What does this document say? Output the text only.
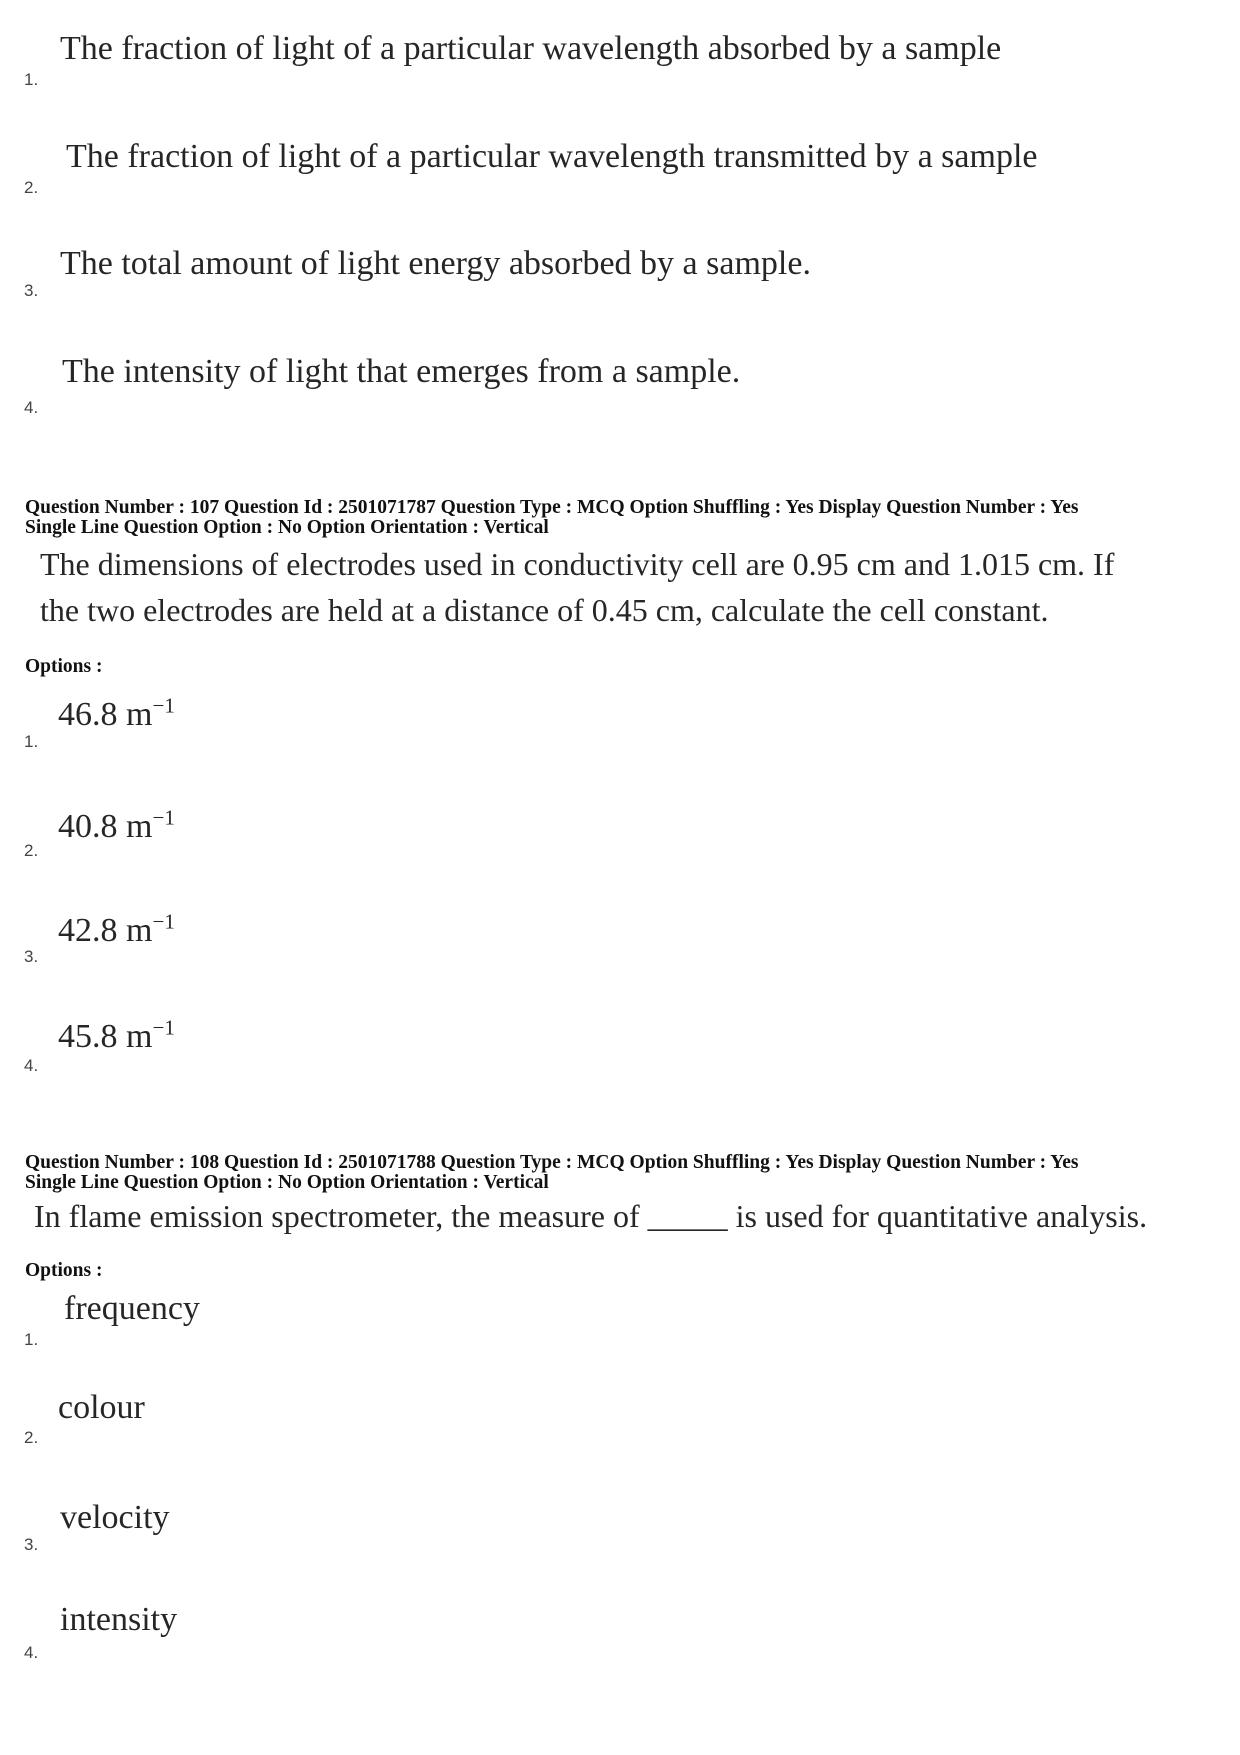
The fraction of light of a particular wavelength absorbed by a sample
1.
The fraction of light of a particular wavelength transmitted by a sample
2.
The total amount of light energy absorbed by a sample.
3.
The intensity of light that emerges from a sample.
4.
Question Number : 107 Question Id : 2501071787 Question Type : MCQ Option Shuffling : Yes Display Question Number : Yes
Single Line Question Option : No Option Orientation : Vertical
The dimensions of electrodes used in conductivity cell are 0.95 cm and 1.015 cm. If
the two electrodes are held at a distance of 0.45 cm, calculate the cell constant.
Options :
46.8 $m^{-1}$
1.
40.8 $m^{-1}$
2.
42.8 $m^{-1}$
3.
45.8 $m^{-1}$
4.
Question Number : 108 Question Id : 2501071788 Question Type : MCQ Option Shuffling : Yes Display Question Number : Yes
Single Line Question Option : No Option Orientation : Vertical
In flame emission spectrometer, the measure of _____ is used for quantitative analysis.
Options :
frequency
1.
colour
2.
velocity
3.
intensity
4.
